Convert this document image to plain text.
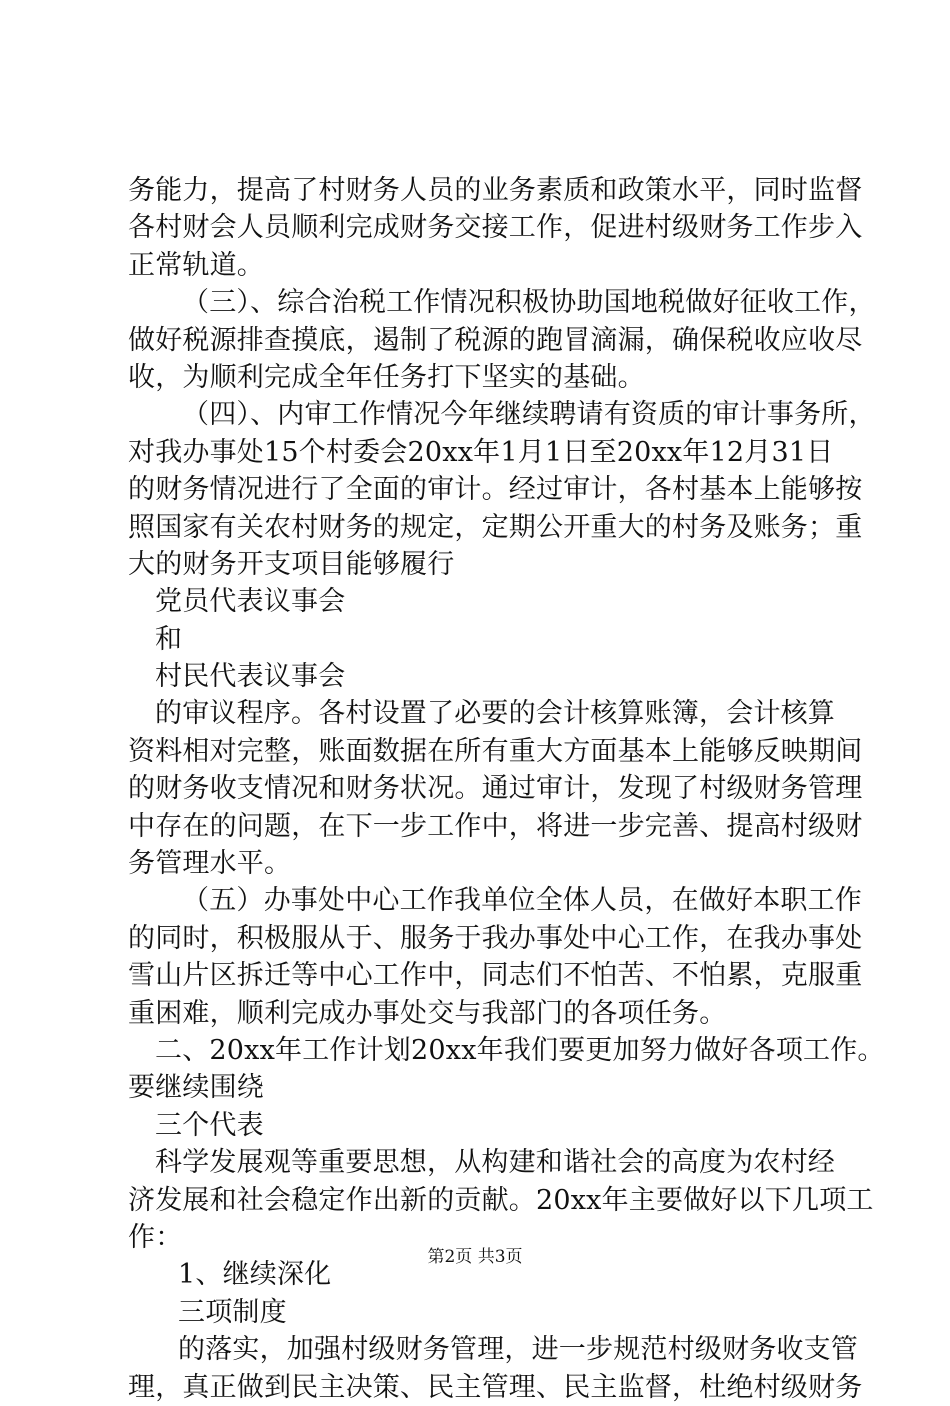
务能力，提高了村财务人员的业务素质和政策水平，同时监督
各村财会人员顺利完成财务交接工作，促进村级财务工作步入
正常轨道。
（三）、综合治税工作情况积极协助国地税做好征收工作，
做好税源排查摸底，遏制了税源的跑冒滴漏，确保税收应收尽
收，为顺利完成全年任务打下坚实的基础。
（四）、内审工作情况今年继续聘请有资质的审计事务所，
对我办事处15个村委会20xx年1月1日至20xx年12月31日
的财务情况进行了全面的审计。经过审计，各村基本上能够按
照国家有关农村财务的规定，定期公开重大的村务及账务；重
大的财务开支项目能够履行
党员代表议事会
和
村民代表议事会
的审议程序。各村设置了必要的会计核算账簿，会计核算
资料相对完整，账面数据在所有重大方面基本上能够反映期间
的财务收支情况和财务状况。通过审计，发现了村级财务管理
中存在的问题，在下一步工作中，将进一步完善、提高村级财
务管理水平。
（五）办事处中心工作我单位全体人员，在做好本职工作
的同时，积极服从于、服务于我办事处中心工作，在我办事处
雪山片区拆迁等中心工作中，同志们不怕苦、不怕累，克服重
重困难，顺利完成办事处交与我部门的各项任务。
二、20xx年工作计划20xx年我们要更加努力做好各项工作。
要继续围绕
三个代表
科学发展观等重要思想，从构建和谐社会的高度为农村经
济发展和社会稳定作出新的贡献。20xx年主要做好以下几项工
作：
1、继续深化
三项制度
的落实，加强村级财务管理，进一步规范村级财务收支管
理，真正做到民主决策、民主管理、民主监督，杜绝村级财务
第2页 共3页
